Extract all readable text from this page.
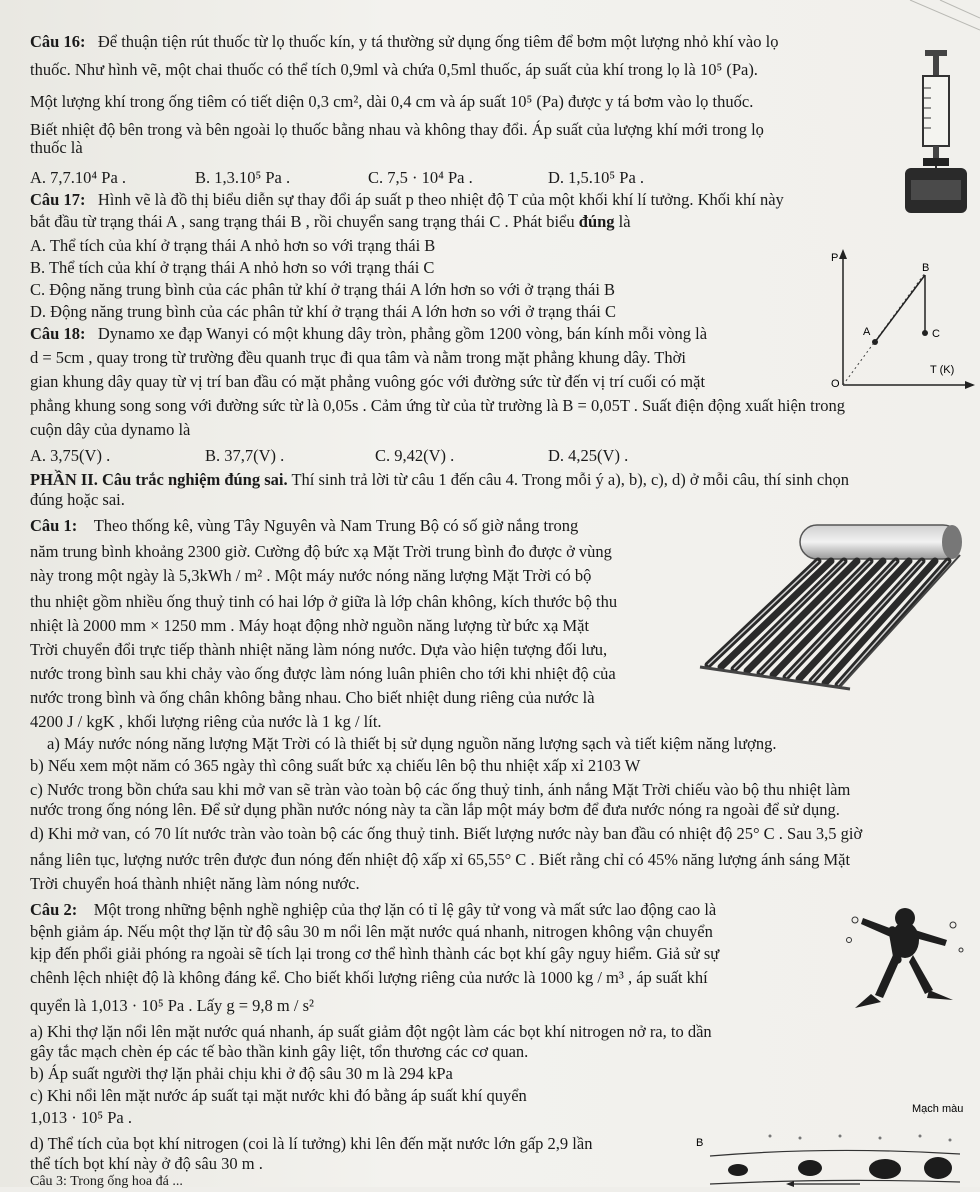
Câu 16: Để thuận tiện rút thuốc từ lọ thuốc kín, y tá thường sử dụng ống tiêm để bơm một lượng nhỏ khí vào lọ
thuốc. Như hình vẽ, một chai thuốc có thể tích 0,9ml và chứa 0,5ml thuốc, áp suất của khí trong lọ là 10⁵ (Pa).
Một lượng khí trong ống tiêm có tiết diện 0,3 cm², dài 0,4 cm và áp suất 10⁵ (Pa) được y tá bơm vào lọ thuốc.
Biết nhiệt độ bên trong và bên ngoài lọ thuốc bằng nhau và không thay đổi. Áp suất của lượng khí mới trong lọ
thuốc là
A. 7,7.10⁴ Pa .	B. 1,3.10⁵ Pa .	C. 7,5 · 10⁴ Pa .	D. 1,5.10⁵ Pa .
Câu 17: Hình vẽ là đồ thị biểu diễn sự thay đổi áp suất p theo nhiệt độ T của một khối khí lí tưởng. Khối khí này
bắt đầu từ trạng thái A , sang trạng thái B , rồi chuyển sang trạng thái C . Phát biểu đúng là
A. Thể tích của khí ở trạng thái A nhỏ hơn so với trạng thái B
B. Thể tích của khí ở trạng thái A nhỏ hơn so với trạng thái C
C. Động năng trung bình của các phân tử khí ở trạng thái A lớn hơn so với ở trạng thái B
D. Động năng trung bình của các phân tử khí ở trạng thái A lớn hơn so với ở trạng thái C
P
T (K)
O
A
B
C
Câu 18: Dynamo xe đạp Wanyi có một khung dây tròn, phẳng gồm 1200 vòng, bán kính mỗi vòng là
d = 5cm , quay trong từ trường đều quanh trục đi qua tâm và nằm trong mặt phẳng khung dây. Thời
gian khung dây quay từ vị trí ban đầu có mặt phẳng vuông góc với đường sức từ đến vị trí cuối có mặt
phẳng khung song song với đường sức từ là 0,05s . Cảm ứng từ của từ trường là B = 0,05T . Suất điện động xuất hiện trong
cuộn dây của dynamo là
A. 3,75(V) .	B. 37,7(V) .	C. 9,42(V) .	D. 4,25(V) .
PHẦN II. Câu trắc nghiệm đúng sai. Thí sinh trả lời từ câu 1 đến câu 4. Trong mỗi ý a), b), c), d) ở mỗi câu, thí sinh chọn
đúng hoặc sai.
Câu 1: Theo thống kê, vùng Tây Nguyên và Nam Trung Bộ có số giờ nắng trong
năm trung bình khoảng 2300 giờ. Cường độ bức xạ Mặt Trời trung bình đo được ở vùng
này trong một ngày là 5,3kWh / m² . Một máy nước nóng năng lượng Mặt Trời có bộ
thu nhiệt gồm nhiều ống thuỷ tinh có hai lớp ở giữa là lớp chân không, kích thước bộ thu
nhiệt là 2000 mm × 1250 mm . Máy hoạt động nhờ nguồn năng lượng từ bức xạ Mặt
Trời chuyển đổi trực tiếp thành nhiệt năng làm nóng nước. Dựa vào hiện tượng đối lưu,
nước trong bình sau khi chảy vào ống được làm nóng luân phiên cho tới khi nhiệt độ của
nước trong bình và ống chân không bằng nhau. Cho biết nhiệt dung riêng của nước là
4200 J / kgK , khối lượng riêng của nước là 1 kg / lít.
a) Máy nước nóng năng lượng Mặt Trời có là thiết bị sử dụng nguồn năng lượng sạch và tiết kiệm năng lượng.
b) Nếu xem một năm có 365 ngày thì công suất bức xạ chiếu lên bộ thu nhiệt xấp xỉ 2103 W
c) Nước trong bồn chứa sau khi mở van sẽ tràn vào toàn bộ các ống thuỷ tinh, ánh nắng Mặt Trời chiếu vào bộ thu nhiệt làm
nước trong ống nóng lên. Để sử dụng phần nước nóng này ta cần lắp một máy bơm để đưa nước nóng ra ngoài để sử dụng.
d) Khi mở van, có 70 lít nước tràn vào toàn bộ các ống thuỷ tinh. Biết lượng nước này ban đầu có nhiệt độ 25° C . Sau 3,5 giờ
nắng liên tục, lượng nước trên được đun nóng đến nhiệt độ xấp xỉ 65,55° C . Biết rằng chỉ có 45% năng lượng ánh sáng Mặt
Trời chuyển hoá thành nhiệt năng làm nóng nước.
Câu 2: Một trong những bệnh nghề nghiệp của thợ lặn có tỉ lệ gây tử vong và mất sức lao động cao là
bệnh giảm áp. Nếu một thợ lặn từ độ sâu 30 m nổi lên mặt nước quá nhanh, nitrogen không vận chuyển
kịp đến phổi giải phóng ra ngoài sẽ tích lại trong cơ thể hình thành các bọt khí gây nguy hiểm. Giả sử sự
chênh lệch nhiệt độ là không đáng kể. Cho biết khối lượng riêng của nước là 1000 kg / m³ , áp suất khí
quyển là 1,013 · 10⁵ Pa . Lấy g = 9,8 m / s²
a) Khi thợ lặn nổi lên mặt nước quá nhanh, áp suất giảm đột ngột làm các bọt khí nitrogen nở ra, to dần
gây tắc mạch chèn ép các tế bào thần kinh gây liệt, tổn thương các cơ quan.
b) Áp suất người thợ lặn phải chịu khi ở độ sâu 30 m là 294 kPa
c) Khi nổi lên mặt nước áp suất tại mặt nước khi đó bằng áp suất khí quyển
1,013 · 10⁵ Pa .
d) Thể tích của bọt khí nitrogen (coi là lí tưởng) khi lên đến mặt nước lớn gấp 2,9 lần
thể tích bọt khí này ở độ sâu 30 m .
Câu 3: Trong ống hoa đá ...
Mạch màu
B
